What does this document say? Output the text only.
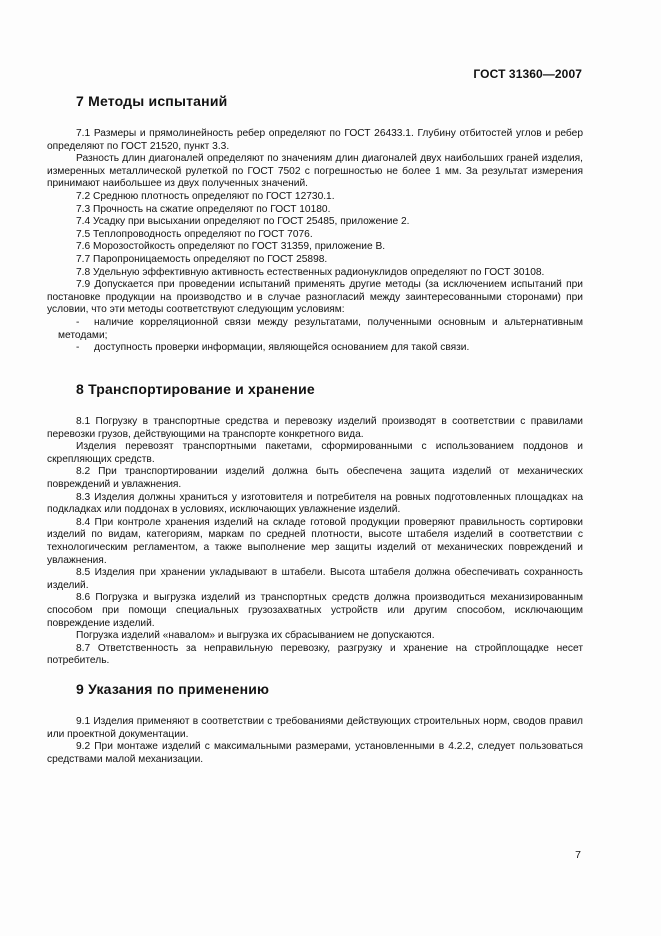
ГОСТ 31360—2007
7 Методы испытаний

7.1 Размеры и прямолинейность ребер определяют по ГОСТ 26433.1. Глубину отбитостей углов и ребер определяют по ГОСТ 21520, пункт 3.3.

Разность длин диагоналей определяют по значениям длин диагоналей двух наибольших граней изделия, измеренных металлической рулеткой по ГОСТ 7502 с погрешностью не более 1 мм. За результат измерения принимают наибольшее из двух полученных значений.

7.2 Среднюю плотность определяют по ГОСТ 12730.1.

7.3 Прочность на сжатие определяют по ГОСТ 10180.

7.4 Усадку при высыхании определяют по ГОСТ 25485, приложение 2.

7.5 Теплопроводность определяют по ГОСТ 7076.

7.6 Морозостойкость определяют по ГОСТ 31359, приложение В.

7.7 Паропроницаемость определяют по ГОСТ 25898.

7.8 Удельную эффективную активность естественных радионуклидов определяют по ГОСТ 30108.

7.9 Допускается при проведении испытаний применять другие методы (за исключением испытаний при постановке продукции на производство и в случае разногласий между заинтересованными сторонами) при условии, что эти методы соответствуют следующим условиям:

- наличие корреляционной связи между результатами, полученными основным и альтернативным методами;

- доступность проверки информации, являющейся основанием для такой связи.

8 Транспортирование и хранение

8.1 Погрузку в транспортные средства и перевозку изделий производят в соответствии с правилами перевозки грузов, действующими на транспорте конкретного вида.

Изделия перевозят транспортными пакетами, сформированными с использованием поддонов и скрепляющих средств.

8.2 При транспортировании изделий должна быть обеспечена защита изделий от механических повреждений и увлажнения.

8.3 Изделия должны храниться у изготовителя и потребителя на ровных подготовленных площадках на подкладках или поддонах в условиях, исключающих увлажнение изделий.

8.4 При контроле хранения изделий на складе готовой продукции проверяют правильность сортировки изделий по видам, категориям, маркам по средней плотности, высоте штабеля изделий в соответствии с технологическим регламентом, а также выполнение мер защиты изделий от механических повреждений и увлажнения.

8.5 Изделия при хранении укладывают в штабели. Высота штабеля должна обеспечивать сохранность изделий.

8.6 Погрузка и выгрузка изделий из транспортных средств должна производиться механизированным способом при помощи специальных грузозахватных устройств или другим способом, исключающим повреждение изделий.

Погрузка изделий «навалом» и выгрузка их сбрасыванием не допускаются.

8.7 Ответственность за неправильную перевозку, разгрузку и хранение на стройплощадке несет потребитель.

9 Указания по применению

9.1 Изделия применяют в соответствии с требованиями действующих строительных норм, сводов правил или проектной документации.

9.2 При монтаже изделий с максимальными размерами, установленными в 4.2.2, следует пользоваться средствами малой механизации.

7
